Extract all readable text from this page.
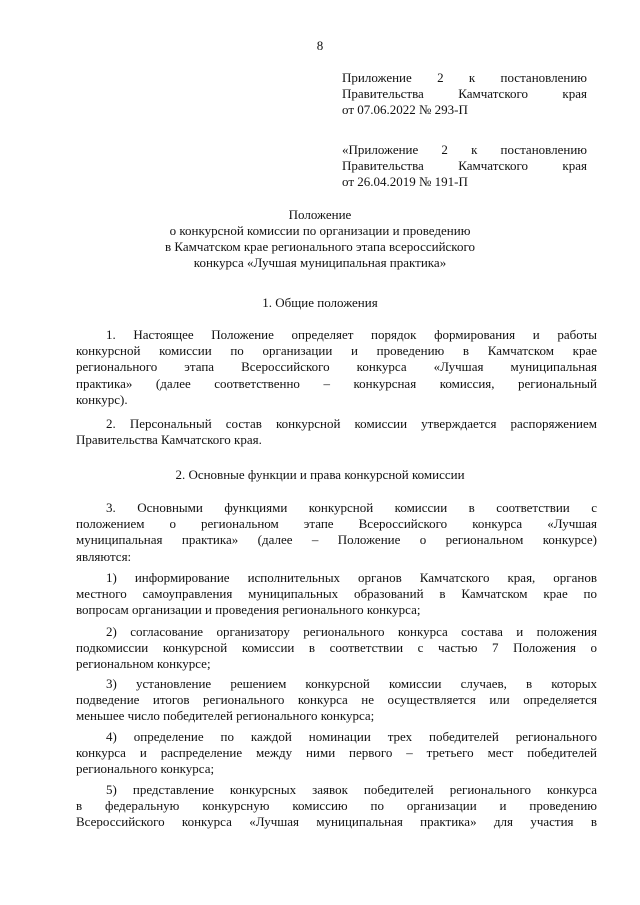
8
Приложение 2 к постановлению
Правительства Камчатского края
от 07.06.2022 № 293-П
«Приложение 2 к постановлению
Правительства Камчатского края
от 26.04.2019 № 191-П
Положение
о конкурсной комиссии по организации и проведению
в Камчатском крае регионального этапа всероссийского
конкурса «Лучшая муниципальная практика»
1. Общие положения
1. Настоящее Положение определяет порядок формирования и работы
конкурсной комиссии по организации и проведению в Камчатском крае
регионального этапа Всероссийского конкурса «Лучшая муниципальная
практика» (далее соответственно – конкурсная комиссия, региональный
конкурс).
2. Персональный состав конкурсной комиссии утверждается распоряжением
Правительства Камчатского края.
2. Основные функции и права конкурсной комиссии
3. Основными функциями конкурсной комиссии в соответствии с
положением о региональном этапе Всероссийского конкурса «Лучшая
муниципальная практика» (далее – Положение о региональном конкурсе)
являются:
1) информирование исполнительных органов Камчатского края, органов
местного самоуправления муниципальных образований в Камчатском крае по
вопросам организации и проведения регионального конкурса;
2) согласование организатору регионального конкурса состава и положения
подкомиссии конкурсной комиссии в соответствии с частью 7 Положения о
региональном конкурсе;
3) установление решением конкурсной комиссии случаев, в которых
подведение итогов регионального конкурса не осуществляется или определяется
меньшее число победителей регионального конкурса;
4) определение по каждой номинации трех победителей регионального
конкурса и распределение между ними первого – третьего мест победителей
регионального конкурса;
5) представление конкурсных заявок победителей регионального конкурса
в федеральную конкурсную комиссию по организации и проведению
Всероссийского конкурса «Лучшая муниципальная практика» для участия в
